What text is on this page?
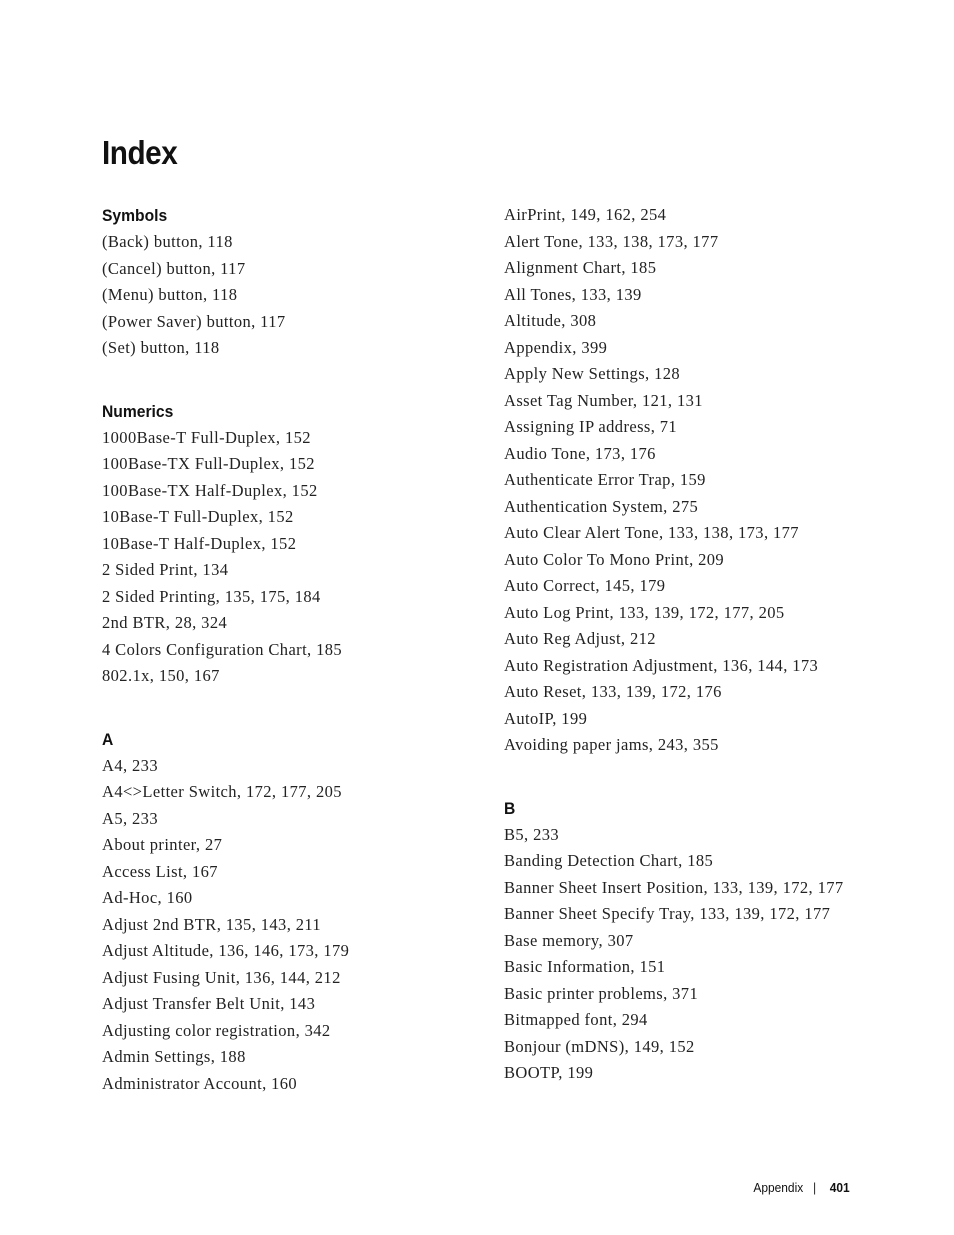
Index
Symbols
(Back) button, 118
(Cancel) button, 117
(Menu) button, 118
(Power Saver) button, 117
(Set) button, 118
Numerics
1000Base-T Full-Duplex, 152
100Base-TX Full-Duplex, 152
100Base-TX Half-Duplex, 152
10Base-T Full-Duplex, 152
10Base-T Half-Duplex, 152
2 Sided Print, 134
2 Sided Printing, 135, 175, 184
2nd BTR, 28, 324
4 Colors Configuration Chart, 185
802.1x, 150, 167
A
A4, 233
A4<>Letter Switch, 172, 177, 205
A5, 233
About printer, 27
Access List, 167
Ad-Hoc, 160
Adjust 2nd BTR, 135, 143, 211
Adjust Altitude, 136, 146, 173, 179
Adjust Fusing Unit, 136, 144, 212
Adjust Transfer Belt Unit, 143
Adjusting color registration, 342
Admin Settings, 188
Administrator Account, 160
AirPrint, 149, 162, 254
Alert Tone, 133, 138, 173, 177
Alignment Chart, 185
All Tones, 133, 139
Altitude, 308
Appendix, 399
Apply New Settings, 128
Asset Tag Number, 121, 131
Assigning IP address, 71
Audio Tone, 173, 176
Authenticate Error Trap, 159
Authentication System, 275
Auto Clear Alert Tone, 133, 138, 173, 177
Auto Color To Mono Print, 209
Auto Correct, 145, 179
Auto Log Print, 133, 139, 172, 177, 205
Auto Reg Adjust, 212
Auto Registration Adjustment, 136, 144, 173
Auto Reset, 133, 139, 172, 176
AutoIP, 199
Avoiding paper jams, 243, 355
B
B5, 233
Banding Detection Chart, 185
Banner Sheet Insert Position, 133, 139, 172, 177
Banner Sheet Specify Tray, 133, 139, 172, 177
Base memory, 307
Basic Information, 151
Basic printer problems, 371
Bitmapped font, 294
Bonjour (mDNS), 149, 152
BOOTP, 199
Appendix | 401
